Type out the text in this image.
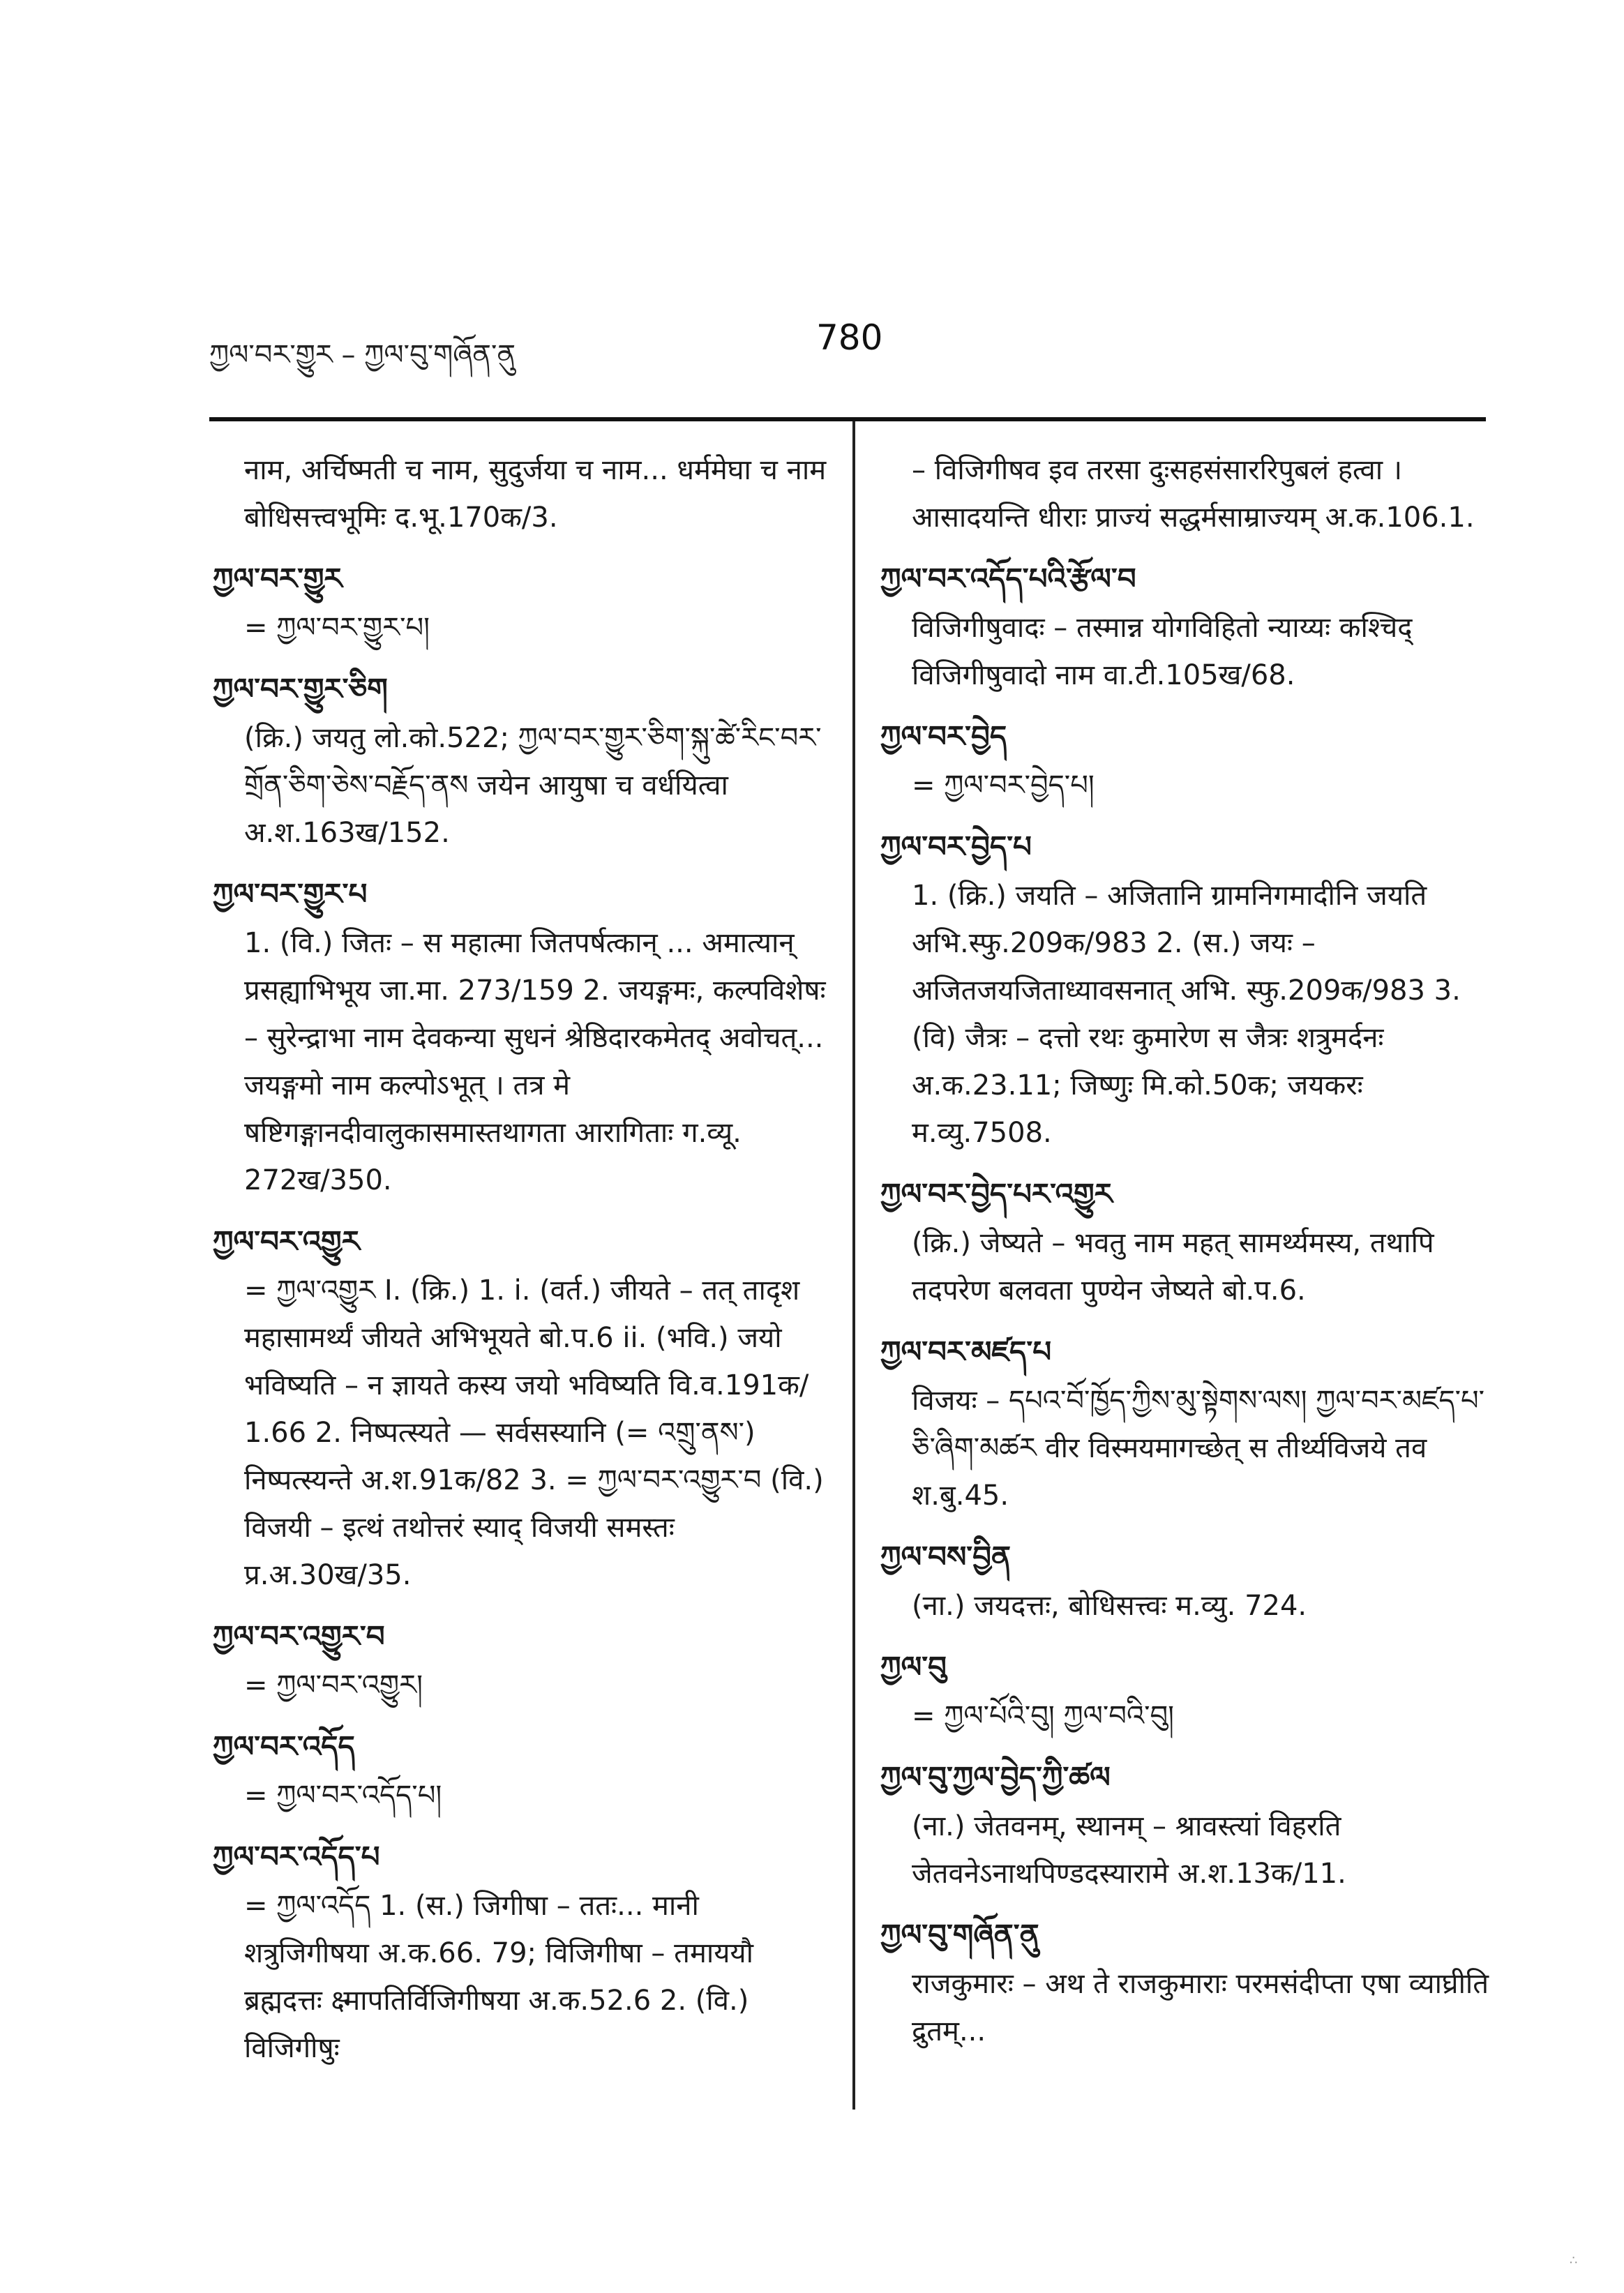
ཀྱལ་བར་གྱུར – ཀྱལ་བུ་གཞོན་ནུ	780
नाम, अर्चिष्मती च नाम, सुदुर्जया च नाम... धर्ममेघा च नाम बोधिसत्त्वभूमिः द.भू.170क/3.
ཀྱལ་བར་གྱུར
= ཀྱལ་བར་གྱུར་པ།
ཀྱལ་བར་གྱུར་ཅིག
(क्रि.) जयतु लो.को.522; ཀྱལ་བར་གྱུར་ཅིག་སྐུ་ཚེ་རིང་བར་གྲོན་ཅིག་ཅེས་བརྗོད་ནས जयेन आयुषा च वर्धयित्वा अ.श.163ख/152.
ཀྱལ་བར་གྱུར་པ
1. (वि.) जितः – स महात्मा जितपर्षत्कान् ... अमात्यान् प्रसह्याभिभूय जा.मा. 273/159 2. जयङ्गमः, कल्पविशेषः – सुरेन्द्राभा नाम देवकन्या सुधनं श्रेष्ठिदारकमेतद् अवोचत्... जयङ्गमो नाम कल्पोऽभूत् । तत्र मे षष्टिगङ्गानदीवालुकासमास्तथागता आरागिताः ग.व्यू. 272ख/350.
ཀྱལ་བར་འགྱུར
= ཀྱལ་འགྱུར I. (क्रि.) 1. i. (वर्त.) जीयते – तत् तादृश महासामर्थ्यं जीयते अभिभूयते बो.प.6 ii. (भवि.) जयो भविष्यति – न ज्ञायते कस्य जयो भविष्यति वि.व.191क/ 1.66 2. निष्पत्स्यते — सर्वसस्यानि (= འགྲུ་ནས་) निष्पत्स्यन्ते अ.श.91क/82 3. = ཀྱལ་བར་འགྱུར་བ (वि.) विजयी – इत्थं तथोत्तरं स्याद् विजयी समस्तः प्र.अ.30ख/35.
ཀྱལ་བར་འགྱུར་བ
= ཀྱལ་བར་འགྱུར།
ཀྱལ་བར་འདོད
= ཀྱལ་བར་འདོད་པ།
ཀྱལ་བར་འདོད་པ
= ཀྱལ་འདོད 1. (स.) जिगीषा – ततः... मानी शत्रुजिगीषया अ.क.66. 79; विजिगीषा – तमाययौ ब्रह्मदत्तः क्ष्मापतिर्विजिगीषया अ.क.52.6 2. (वि.) विजिगीषुः
– विजिगीषव इव तरसा दुःसहसंसाररिपुबलं हत्वा । आसादयन्ति धीराः प्राज्यं सद्धर्मसाम्राज्यम् अ.क.106.1.
ཀྱལ་བར་འདོད་པའི་རྩོལ་བ
विजिगीषुवादः – तस्मान्न योगविहितो न्याय्यः कश्चिद् विजिगीषुवादो नाम वा.टी.105ख/68.
ཀྱལ་བར་བྱེད
= ཀྱལ་བར་བྱེད་པ།
ཀྱལ་བར་བྱེད་པ
1. (क्रि.) जयति – अजितानि ग्रामनिगमादीनि जयति अभि.स्फु.209क/983 2. (स.) जयः – अजितजयजिताध्यावसनात् अभि. स्फु.209क/983 3. (वि) जैत्रः – दत्तो रथः कुमारेण स जैत्रः शत्रुमर्दनः अ.क.23.11; जिष्णुः मि.को.50क; जयकरः म.व्यु.7508.
ཀྱལ་བར་བྱེད་པར་འགྱུར
(क्रि.) जेष्यते – भवतु नाम महत् सामर्थ्यमस्य, तथापि तदपरेण बलवता पुण्येन जेष्यते बो.प.6.
ཀྱལ་བར་མཛད་པ
विजयः – དཔའ་བོ་ཁྱོད་ཀྱིས་མུ་སྟེགས་ལས། ཀྱལ་བར་མཛད་པ་ཅི་ཞིག་མཚར वीर विस्मयमागच्छेत् स तीर्थ्यविजये तव श.बु.45.
ཀྱལ་བས་བྱིན
(ना.) जयदत्तः, बोधिसत्त्वः म.व्यु. 724.
ཀྱལ་བུ
= ཀྱལ་པོའི་བུ། ཀྱལ་བའི་བུ།
ཀྱལ་བུ་ཀྱལ་བྱེད་ཀྱི་ཚལ
(ना.) जेतवनम्, स्थानम् – श्रावस्त्यां विहरति जेतवनेऽनाथपिण्डदस्यारामे अ.श.13क/11.
ཀྱལ་བུ་གཞོན་ནུ
राजकुमारः – अथ ते राजकुमाराः परमसंदीप्ता एषा व्याघ्रीति द्रुतम्...
∴
